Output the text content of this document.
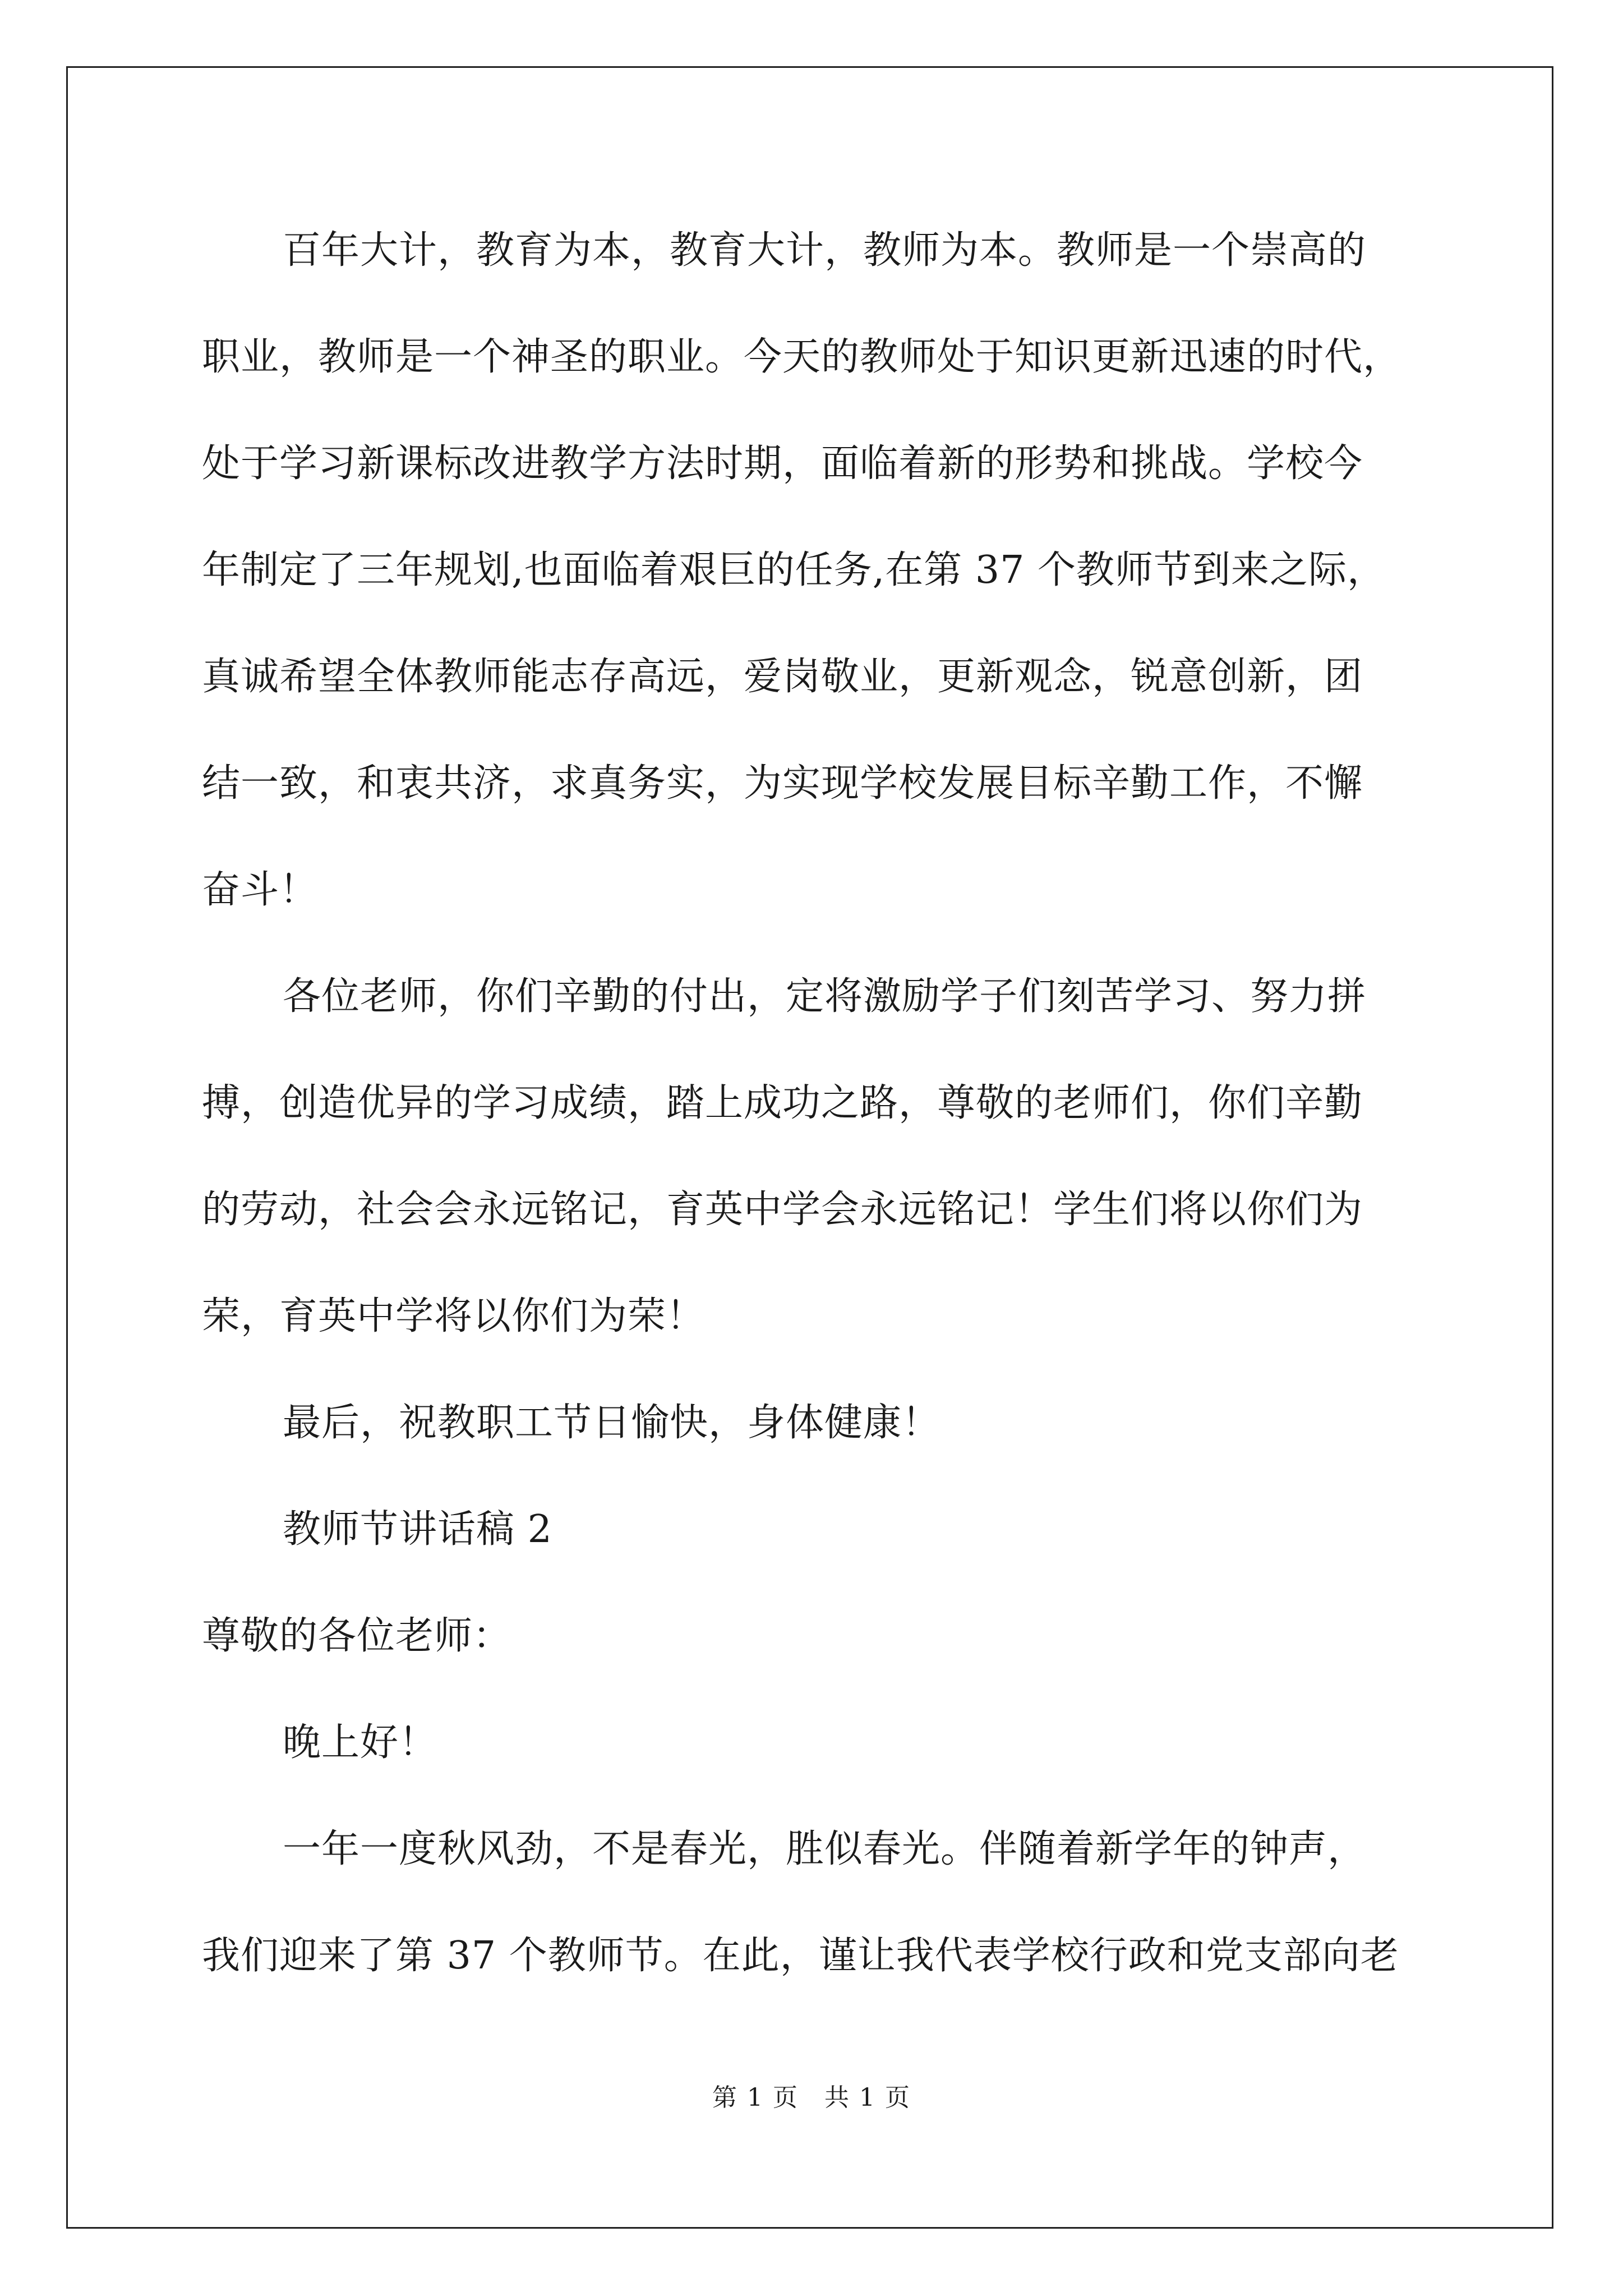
百年大计，教育为本，教育大计，教师为本。教师是一个崇高的
职业，教师是一个神圣的职业。今天的教师处于知识更新迅速的时代，
处于学习新课标改进教学方法时期，面临着新的形势和挑战。学校今
年制定了三年规划,也面临着艰巨的任务,在第 37 个教师节到来之际，
真诚希望全体教师能志存高远，爱岗敬业，更新观念，锐意创新，团
结一致，和衷共济，求真务实，为实现学校发展目标辛勤工作，不懈
奋斗！
各位老师，你们辛勤的付出，定将激励学子们刻苦学习、努力拼
搏，创造优异的学习成绩，踏上成功之路，尊敬的老师们，你们辛勤
的劳动，社会会永远铭记，育英中学会永远铭记！学生们将以你们为
荣，育英中学将以你们为荣！
最后，祝教职工节日愉快，身体健康！
教师节讲话稿 2
尊敬的各位老师：
晚上好！
一年一度秋风劲，不是春光，胜似春光。伴随着新学年的钟声，
我们迎来了第 37 个教师节。在此，谨让我代表学校行政和党支部向老
第 1 页　共 1 页
